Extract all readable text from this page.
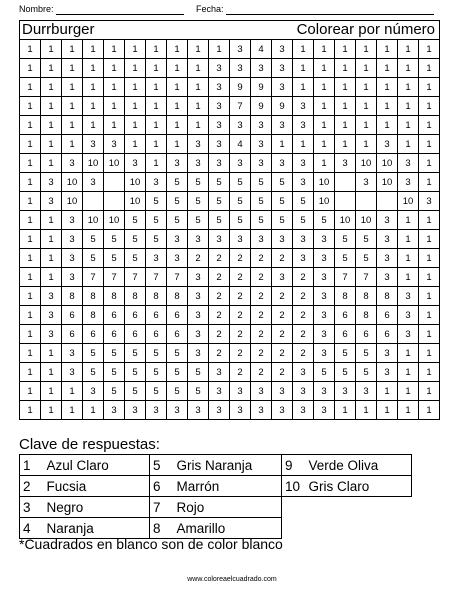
Nombre:	Fecha:
Durrburger	Colorear por número
1	1	1	1	1	1	1	1	1	1	3	4	3	1	1	1	1	1	1	1
1	1	1	1	1	1	1	1	1	3	3	3	3	1	1	1	1	1	1	1
1	1	1	1	1	1	1	1	1	3	9	9	3	1	1	1	1	1	1	1
1	1	1	1	1	1	1	1	1	3	7	9	9	3	1	1	1	1	1	1
1	1	1	1	1	1	1	1	1	3	3	3	3	3	1	1	1	1	1	1
1	1	1	3	3	1	1	1	3	3	4	3	1	1	1	1	1	3	1	1
1	1	3	10	10	3	1	3	3	3	3	3	3	3	1	3	10	10	3	1
1	3	10	3		10	3	5	5	5	5	5	5	3	10		3	10	3	1
1	3	10			10	5	5	5	5	5	5	5	5	10				10	3
1	1	3	10	10	5	5	5	5	5	5	5	5	5	5	10	10	3	1	1
1	1	3	5	5	5	5	3	3	3	3	3	3	3	3	5	5	3	1	1
1	1	3	5	5	5	3	3	2	2	2	2	2	3	3	5	5	3	1	1
1	1	3	7	7	7	7	7	3	2	2	2	3	2	3	7	7	3	1	1
1	3	8	8	8	8	8	8	3	2	2	2	2	2	3	8	8	8	3	1
1	3	6	8	6	6	6	6	3	2	2	2	2	2	3	6	8	6	3	1
1	3	6	6	6	6	6	6	3	2	2	2	2	2	3	6	6	6	3	1
1	1	3	5	5	5	5	5	3	2	2	2	2	2	3	5	5	3	1	1
1	1	3	5	5	5	5	5	5	3	2	2	2	3	5	5	5	3	1	1
1	1	1	3	5	5	5	5	5	3	3	3	3	3	3	3	3	1	1	1
1	1	1	1	3	3	3	3	3	3	3	3	3	3	3	1	1	1	1	1
Clave de respuestas:
1	Azul Claro	5	Gris Naranja	9	Verde Oliva
2	Fucsia	6	Marrón	10	Gris Claro
3	Negro	7	Rojo		
4	Naranja	8	Amarillo		
*Cuadrados en blanco son de color blanco
www.coloreaelcuadrado.com
